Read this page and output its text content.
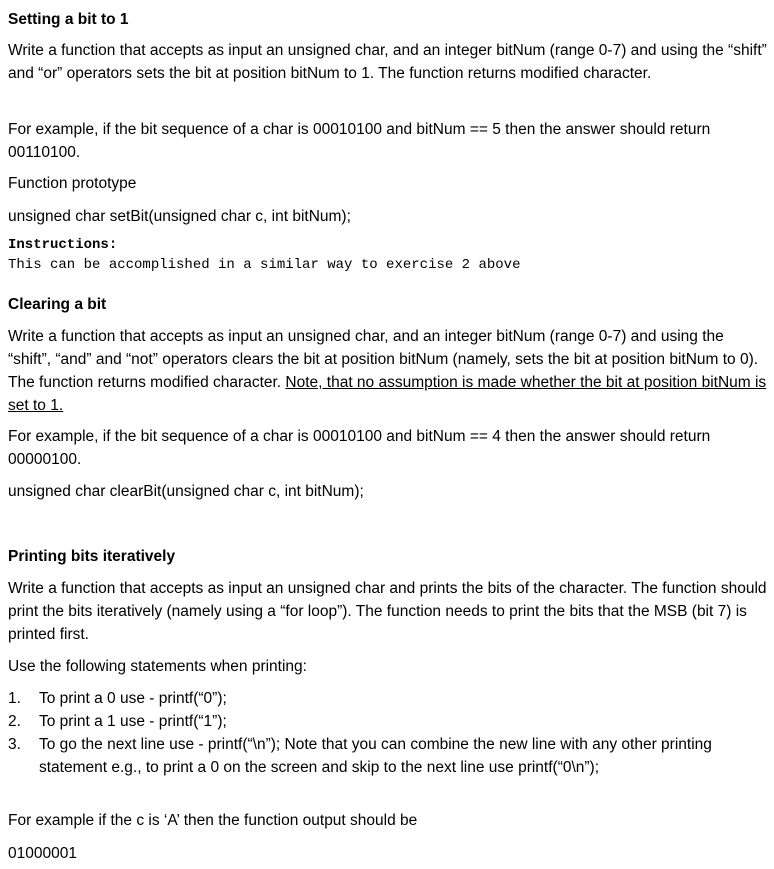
Setting a bit to 1
Write a function that accepts as input an unsigned char, and an integer bitNum (range 0-7) and using the “shift” and “or” operators sets the bit at position bitNum to 1. The function returns modified character.
For example, if the bit sequence of a char is 00010100 and bitNum == 5 then the answer should return 00110100.
Function prototype
unsigned char setBit(unsigned char c, int bitNum);
Instructions:
This can be accomplished in a similar way to exercise 2 above
Clearing a bit
Write a function that accepts as input an unsigned char, and an integer bitNum (range 0-7) and using the “shift”, “and” and “not” operators clears the bit at position bitNum (namely, sets the bit at position bitNum to 0). The function returns modified character. Note, that no assumption is made whether the bit at position bitNum is set to 1.
For example, if the bit sequence of a char is 00010100 and bitNum == 4 then the answer should return 00000100.
unsigned char clearBit(unsigned char c, int bitNum);
Printing bits iteratively
Write a function that accepts as input an unsigned char and prints the bits of the character. The function should print the bits iteratively (namely using a “for loop”). The function needs to print the bits that the MSB (bit 7) is printed first.
Use the following statements when printing:
1. To print a 0 use - printf(“0”);
2. To print a 1 use - printf(“1”);
3. To go the next line use - printf(“\n”); Note that you can combine the new line with any other printing statement e.g., to print a 0 on the screen and skip to the next line use printf(“0\n”);
For example if the c is ‘A’ then the function output should be
01000001
